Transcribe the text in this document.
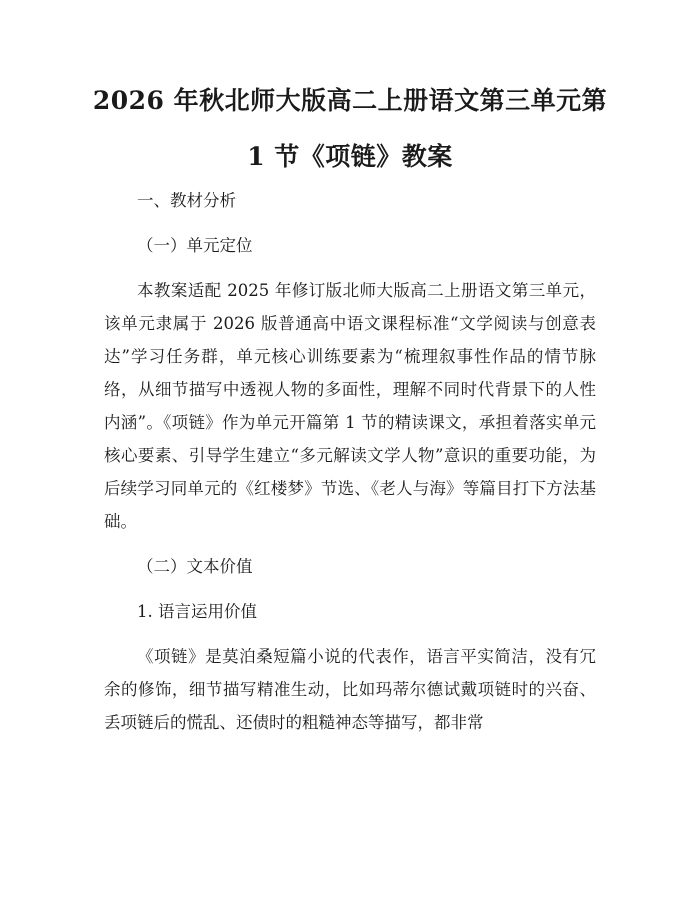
2026 年秋北师大版高二上册语文第三单元第
1 节《项链》教案

一、教材分析

（一）单元定位

本教案适配 2025 年修订版北师大版高二上册语文第三单元，该单元隶属于 2026 版普通高中语文课程标准“文学阅读与创意表达”学习任务群，单元核心训练要素为“梳理叙事性作品的情节脉络，从细节描写中透视人物的多面性，理解不同时代背景下的人性内涵”。《项链》作为单元开篇第 1 节的精读课文，承担着落实单元核心要素、引导学生建立“多元解读文学人物”意识的重要功能，为后续学习同单元的《红楼梦》节选、《老人与海》等篇目打下方法基础。

（二）文本价值

1. 语言运用价值

《项链》是莫泊桑短篇小说的代表作，语言平实简洁，没有冗余的修饰，细节描写精准生动，比如玛蒂尔德试戴项链时的兴奋、丢项链后的慌乱、还债时的粗糙神态等描写，都非常
